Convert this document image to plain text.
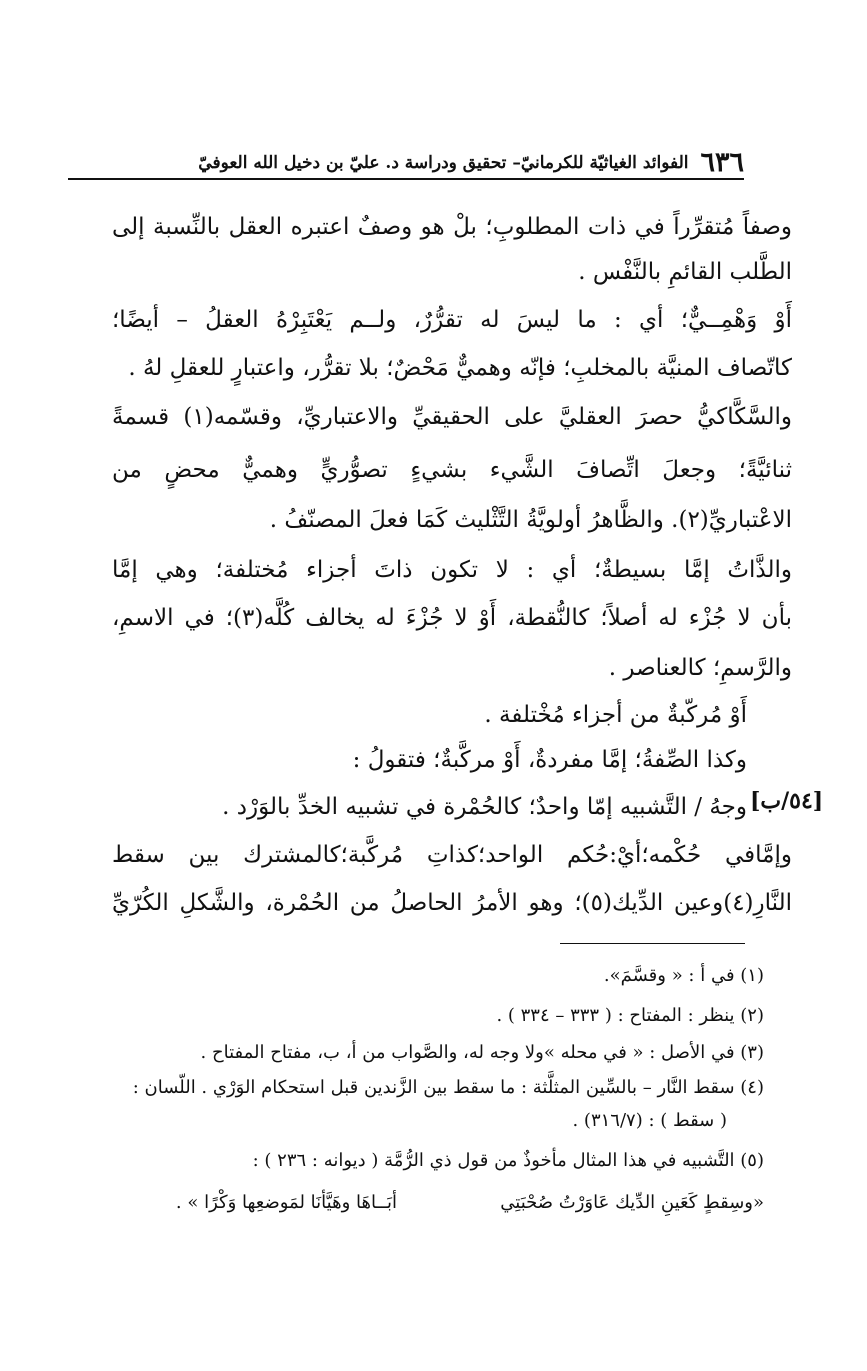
٦٣٦
الفوائد الغياثيّة للكرمانيّ– تحقيق ودراسة د. عليّ بن دخيل الله العوفيّ
وصفاً مُتقرِّراً في ذات المطلوبِ؛ بلْ هو وصفٌ اعتبره العقل بالنِّسبة إلى
الطَّلب القائمِ بالنَّفْس .
أَوْ وَهْمِــيٌّ؛ أي : ما ليسَ له تقرُّرٌ، ولــم يَعْتَبِرْهُ العقلُ – أيضًا؛
كاتّصاف المنيَّة بالمخلبِ؛ فإنّه وهميٌّ مَحْضٌ؛ بلا تقرُّر، واعتبارٍ للعقلِ لهُ .
والسَّكَّاكيُّ حصرَ العقليَّ على الحقيقيِّ والاعتباريِّ، وقسّمه(١) قسمةً
ثنائيَّةً؛ وجعلَ اتِّصافَ الشَّيء بشيءٍ تصوُّريٍّ وهميٌّ محضٍ من
الاعْتباريِّ(٢). والظَّاهرُ أولويَّةُ التَّثْليث كَمَا فعلَ المصنّفُ .
والذَّاتُ إمَّا بسيطةٌ؛ أي : لا تكون ذاتَ أجزاء مُختلفة؛ وهي إمَّا
بأن لا جُزْء له أصلاً؛ كالنُّقطة، أَوْ لا جُزْءَ له يخالف كُلَّه(٣)؛ في الاسمِ،
والرَّسمِ؛ كالعناصر .
أَوْ مُركّبةٌ من أجزاء مُخْتلفة .
وكذا الصِّفةُ؛ إمَّا مفردةٌ، أَوْ مركَّبةٌ؛ فتقولُ :
وجهُ / التَّشبيه إمّا واحدٌ؛ كالحُمْرة في تشبيه الخدِّ بالوَرْد .
وإمَّافي حُكْمه؛أيْ:حُكم الواحد؛كذاتِ مُركَّبة؛كالمشترك بين سقط
النَّارِ(٤)وعين الدِّيك(٥)؛ وهو الأمرُ الحاصلُ من الحُمْرة، والشَّكلِ الكُرّيِّ
[٥٤/ب]
(١) في أ : « وقسَّمَ».
(٢) ينظر : المفتاح : ( ٣٣٣ – ٣٣٤ ) .
(٣) في الأصل : « في محله »ولا وجه له، والصَّواب من أ، ب، مفتاح المفتاح .
(٤) سقط النَّار – بالسِّين المثلَّثة : ما سقط بين الزَّندين قبل استحكام الوَرْي . اللّسان :
( سقط ) : (٣١٦/٧) .
(٥) التَّشبيه في هذا المثال مأخوذٌ من قول ذي الرُّمَّة ( ديوانه : ٢٣٦ ) :
«وسِقطٍ كَعَينِ الدِّيك عَاوَرْتُ صُحْبَتِي
أبَــاهَا وهَيَّأنَا لمَوضعِها وَكْرًا » .
